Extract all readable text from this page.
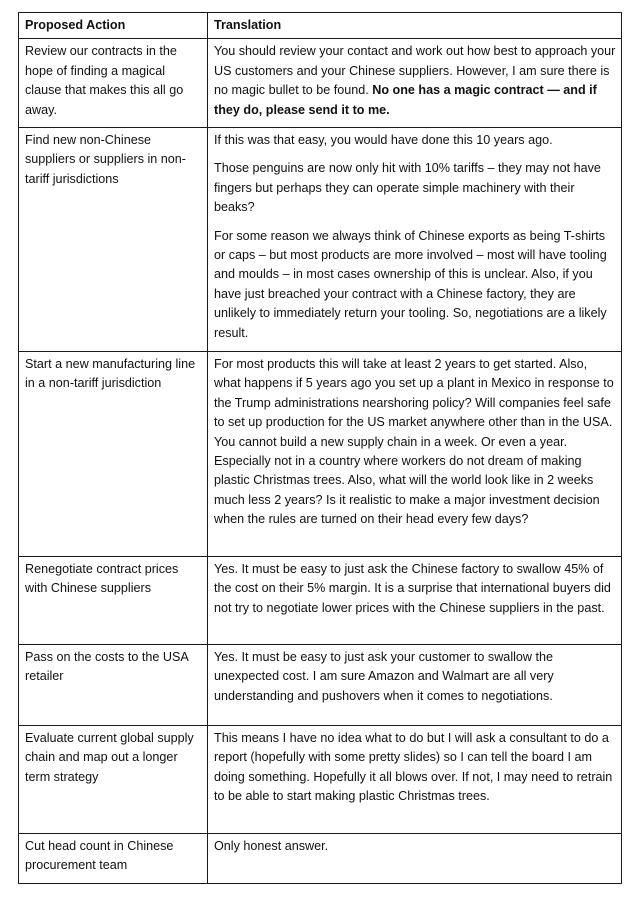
Proposed Action	Translation
Review our contracts in the hope of finding a magical clause that makes this all go away.	You should review your contact and work out how best to approach your US customers and your Chinese suppliers. However, I am sure there is no magic bullet to be found. No one has a magic contract — and if they do, please send it to me.

Find new non-Chinese suppliers or suppliers in non-tariff jurisdictions	If this was that easy, you would have done this 10 years ago.

Those penguins are now only hit with 10% tariffs – they may not have fingers but perhaps they can operate simple machinery with their beaks?

For some reason we always think of Chinese exports as being T-shirts or caps – but most products are more involved – most will have tooling and moulds – in most cases ownership of this is unclear. Also, if you have just breached your contract with a Chinese factory, they are unlikely to immediately return your tooling. So, negotiations are a likely result.

Start a new manufacturing line in a non-tariff jurisdiction	For most products this will take at least 2 years to get started. Also, what happens if 5 years ago you set up a plant in Mexico in response to the Trump administrations nearshoring policy? Will companies feel safe to set up production for the US market anywhere other than in the USA. You cannot build a new supply chain in a week. Or even a year. Especially not in a country where workers do not dream of making plastic Christmas trees. Also, what will the world look like in 2 weeks much less 2 years? Is it realistic to make a major investment decision when the rules are turned on their head every few days?

Renegotiate contract prices with Chinese suppliers	Yes. It must be easy to just ask the Chinese factory to swallow 45% of the cost on their 5% margin. It is a surprise that international buyers did not try to negotiate lower prices with the Chinese suppliers in the past.

Pass on the costs to the USA retailer	Yes. It must be easy to just ask your customer to swallow the unexpected cost. I am sure Amazon and Walmart are all very understanding and pushovers when it comes to negotiations.

Evaluate current global supply chain and map out a longer term strategy	This means I have no idea what to do but I will ask a consultant to do a report (hopefully with some pretty slides) so I can tell the board I am doing something. Hopefully it all blows over. If not, I may need to retrain to be able to start making plastic Christmas trees.

Cut head count in Chinese procurement team	Only honest answer.
